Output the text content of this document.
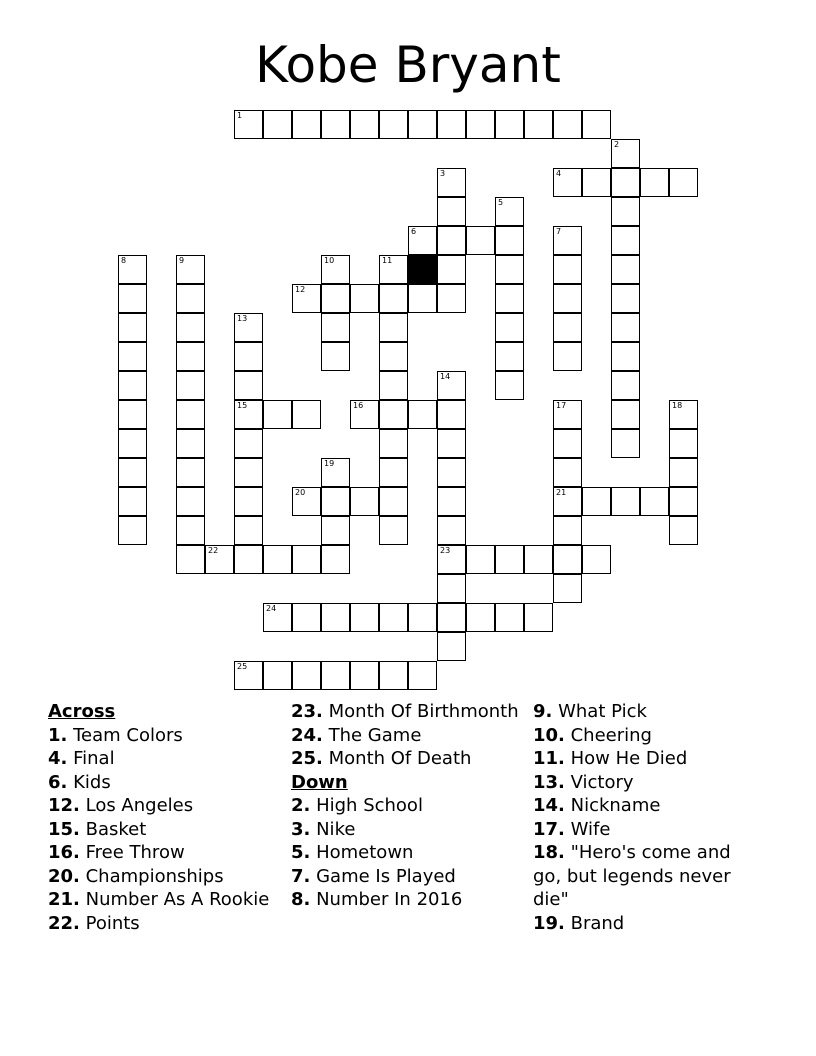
Kobe Bryant
1
4
6
12
15	16
20	21
22	23
24
25
2
3
5
7
8	9	10	11
13
14
17	18
19
Across
1. Team Colors
4. Final
6. Kids
12. Los Angeles
15. Basket
16. Free Throw
20. Championships
21. Number As A Rookie
22. Points
23. Month Of Birthmonth
24. The Game
25. Month Of Death
Down
2. High School
3. Nike
5. Hometown
7. Game Is Played
8. Number In 2016
9. What Pick
10. Cheering
11. How He Died
13. Victory
14. Nickname
17. Wife
18. "Hero's come and go, but legends never die"
19. Brand
